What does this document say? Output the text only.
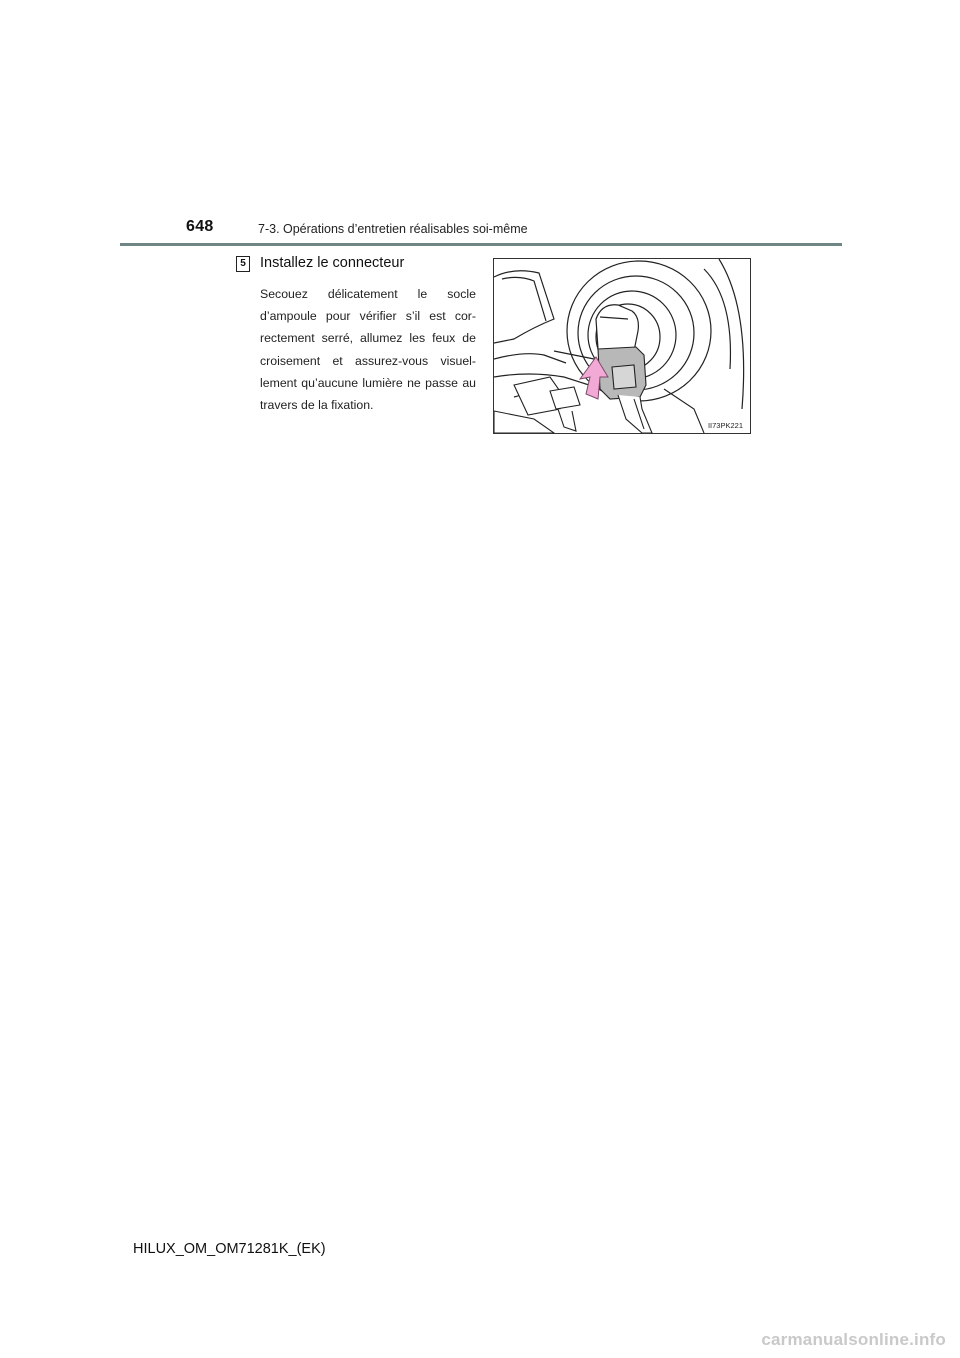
648	7-3. Opérations d’entretien réalisables soi-même
5 Installez le connecteur
Secouez délicatement le socle d’ampoule pour vérifier s’il est cor-rectement serré, allumez les feux de croisement et assurez-vous visuel-lement qu’aucune lumière ne passe au travers de la fixation.
II73PK221
HILUX_OM_OM71281K_(EK)
carmanualsonline.info
